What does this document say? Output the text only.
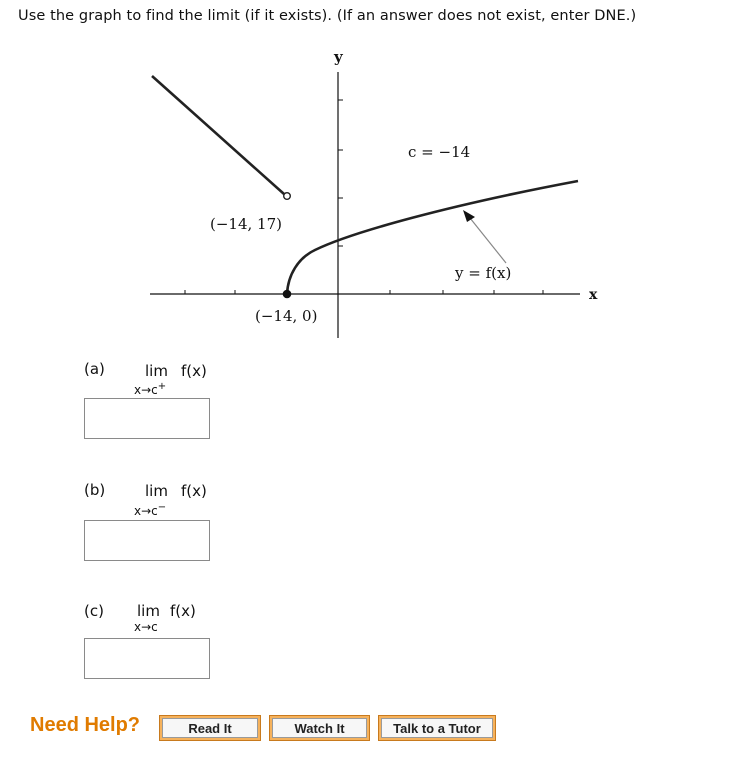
Use the graph to find the limit (if it exists). (If an answer does not exist, enter DNE.)
y
x
c = −14
(−14, 17)
(−14, 0)
y = f(x)
(a)	lim f(x)
x→c+
(b)	lim f(x)
x→c−
(c) lim f(x)
x→c
Need Help?	Read It	Watch It	Talk to a Tutor
